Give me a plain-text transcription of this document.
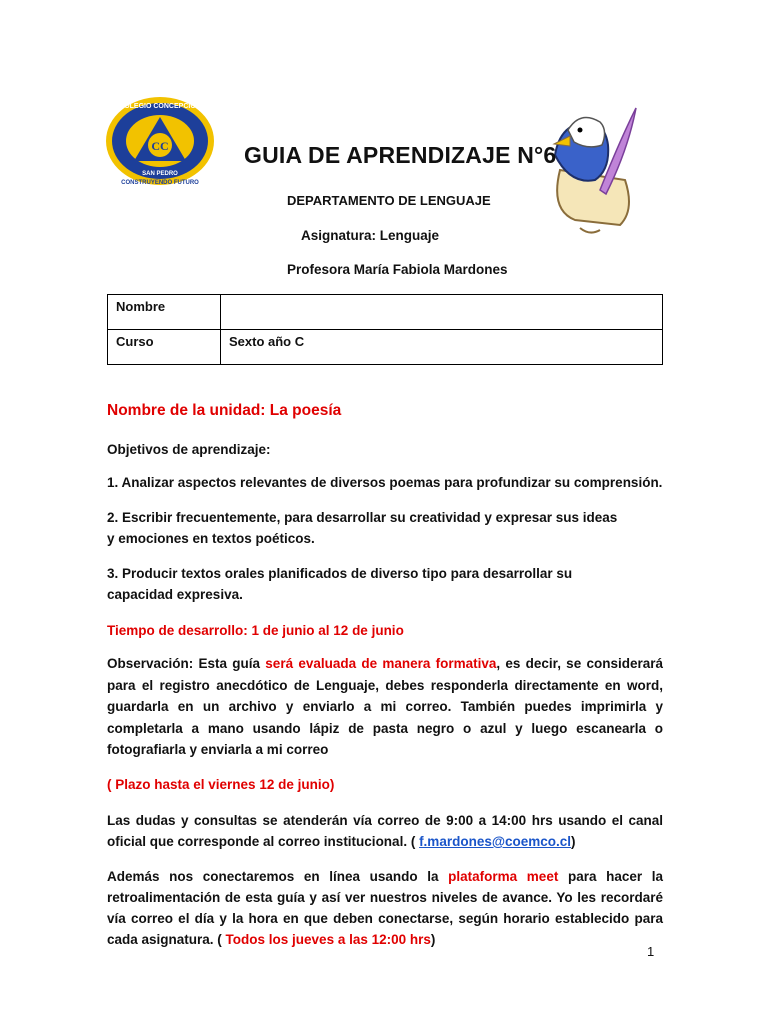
CC
COLEGIO CONCEPCION
SAN PEDRO
CONSTRUYENDO FUTURO
GUIA DE APRENDIZAJE N°6
DEPARTAMENTO DE LENGUAJE
Asignatura: Lenguaje
Profesora María Fabiola Mardones
Nombre	
Curso	Sexto año C
Nombre de la unidad: La poesía
Objetivos de aprendizaje:
1. Analizar aspectos relevantes de diversos poemas para profundizar su comprensión.
2. Escribir frecuentemente, para desarrollar su creatividad y expresar sus ideas y emociones en textos poéticos.
3. Producir textos orales planificados de diverso tipo para desarrollar su capacidad expresiva.
Tiempo de desarrollo: 1 de junio al 12 de junio
Observación: Esta guía será evaluada de manera formativa, es decir, se considerará para el registro anecdótico de Lenguaje, debes responderla directamente en word, guardarla en un archivo y enviarlo a mi correo. También puedes imprimirla y completarla a mano usando lápiz de pasta negro o azul y luego escanearla o fotografiarla y enviarla a mi correo
( Plazo hasta el viernes 12 de junio)
Las dudas y consultas se atenderán vía correo de 9:00 a 14:00 hrs usando el canal oficial que corresponde al correo institucional. ( f.mardones@coemco.cl)
Además nos conectaremos en línea usando la plataforma meet para hacer la retroalimentación de esta guía y así ver nuestros niveles de avance. Yo les recordaré vía correo el día y la hora en que deben conectarse, según horario establecido para cada asignatura. ( Todos los jueves a las 12:00 hrs)
1
